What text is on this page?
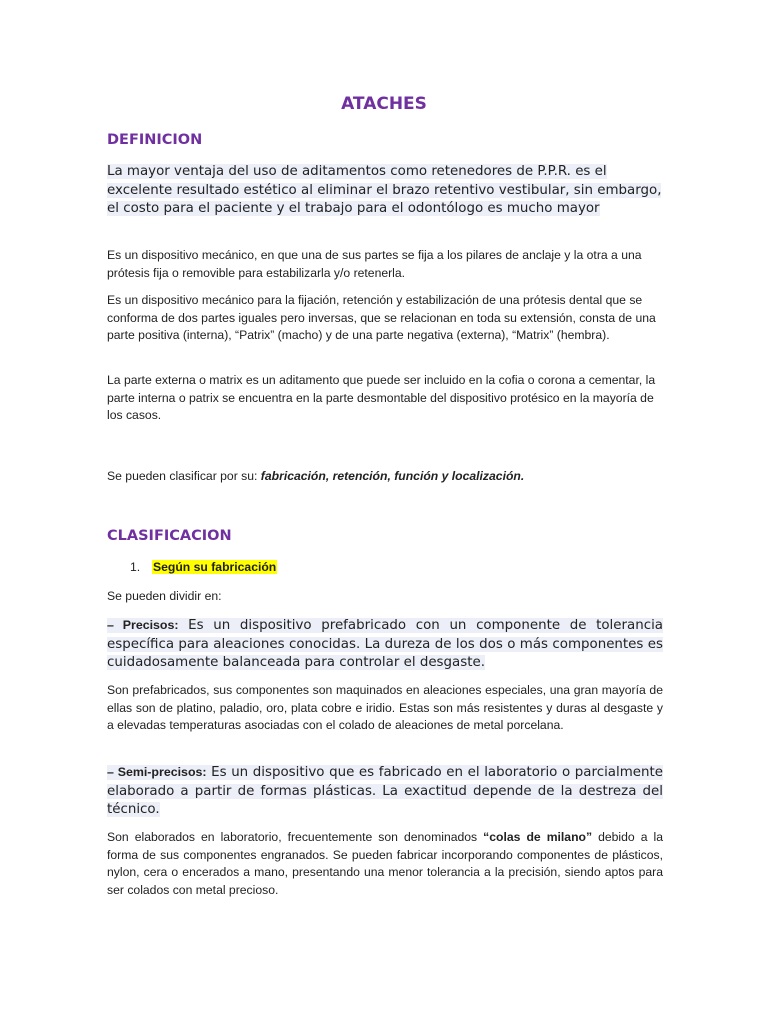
ATACHES
DEFINICION

La mayor ventaja del uso de aditamentos como retenedores de P.P.R. es el excelente resultado estético al eliminar el brazo retentivo vestibular, sin embargo, el costo para el paciente y el trabajo para el odontólogo es mucho mayor

Es un dispositivo mecánico, en que una de sus partes se fija a los pilares de anclaje y la otra a una prótesis fija o removible para estabilizarla y/o retenerla.

Es un dispositivo mecánico para la fijación, retención y estabilización de una prótesis dental que se conforma de dos partes iguales pero inversas, que se relacionan en toda su extensión, consta de una parte positiva (interna), “Patrix” (macho) y de una parte negativa (externa), “Matrix” (hembra).

La parte externa o matrix es un aditamento que puede ser incluido en la cofia o corona a cementar, la parte interna o patrix se encuentra en la parte desmontable del dispositivo protésico en la mayoría de los casos.

Se pueden clasificar por su: fabricación, retención, función y localización.

CLASIFICACION
1. Según su fabricación

Se pueden dividir en:

– Precisos: Es un dispositivo prefabricado con un componente de tolerancia específica para aleaciones conocidas. La dureza de los dos o más componentes es cuidadosamente balanceada para controlar el desgaste.

Son prefabricados, sus componentes son maquinados en aleaciones especiales, una gran mayoría de ellas son de platino, paladio, oro, plata cobre e iridio. Estas son más resistentes y duras al desgaste y a elevadas temperaturas asociadas con el colado de aleaciones de metal porcelana.

– Semi-precisos: Es un dispositivo que es fabricado en el laboratorio o parcialmente elaborado a partir de formas plásticas. La exactitud depende de la destreza del técnico.

Son elaborados en laboratorio, frecuentemente son denominados “colas de milano” debido a la forma de sus componentes engranados. Se pueden fabricar incorporando componentes de plásticos, nylon, cera o encerados a mano, presentando una menor tolerancia a la precisión, siendo aptos para ser colados con metal precioso.
